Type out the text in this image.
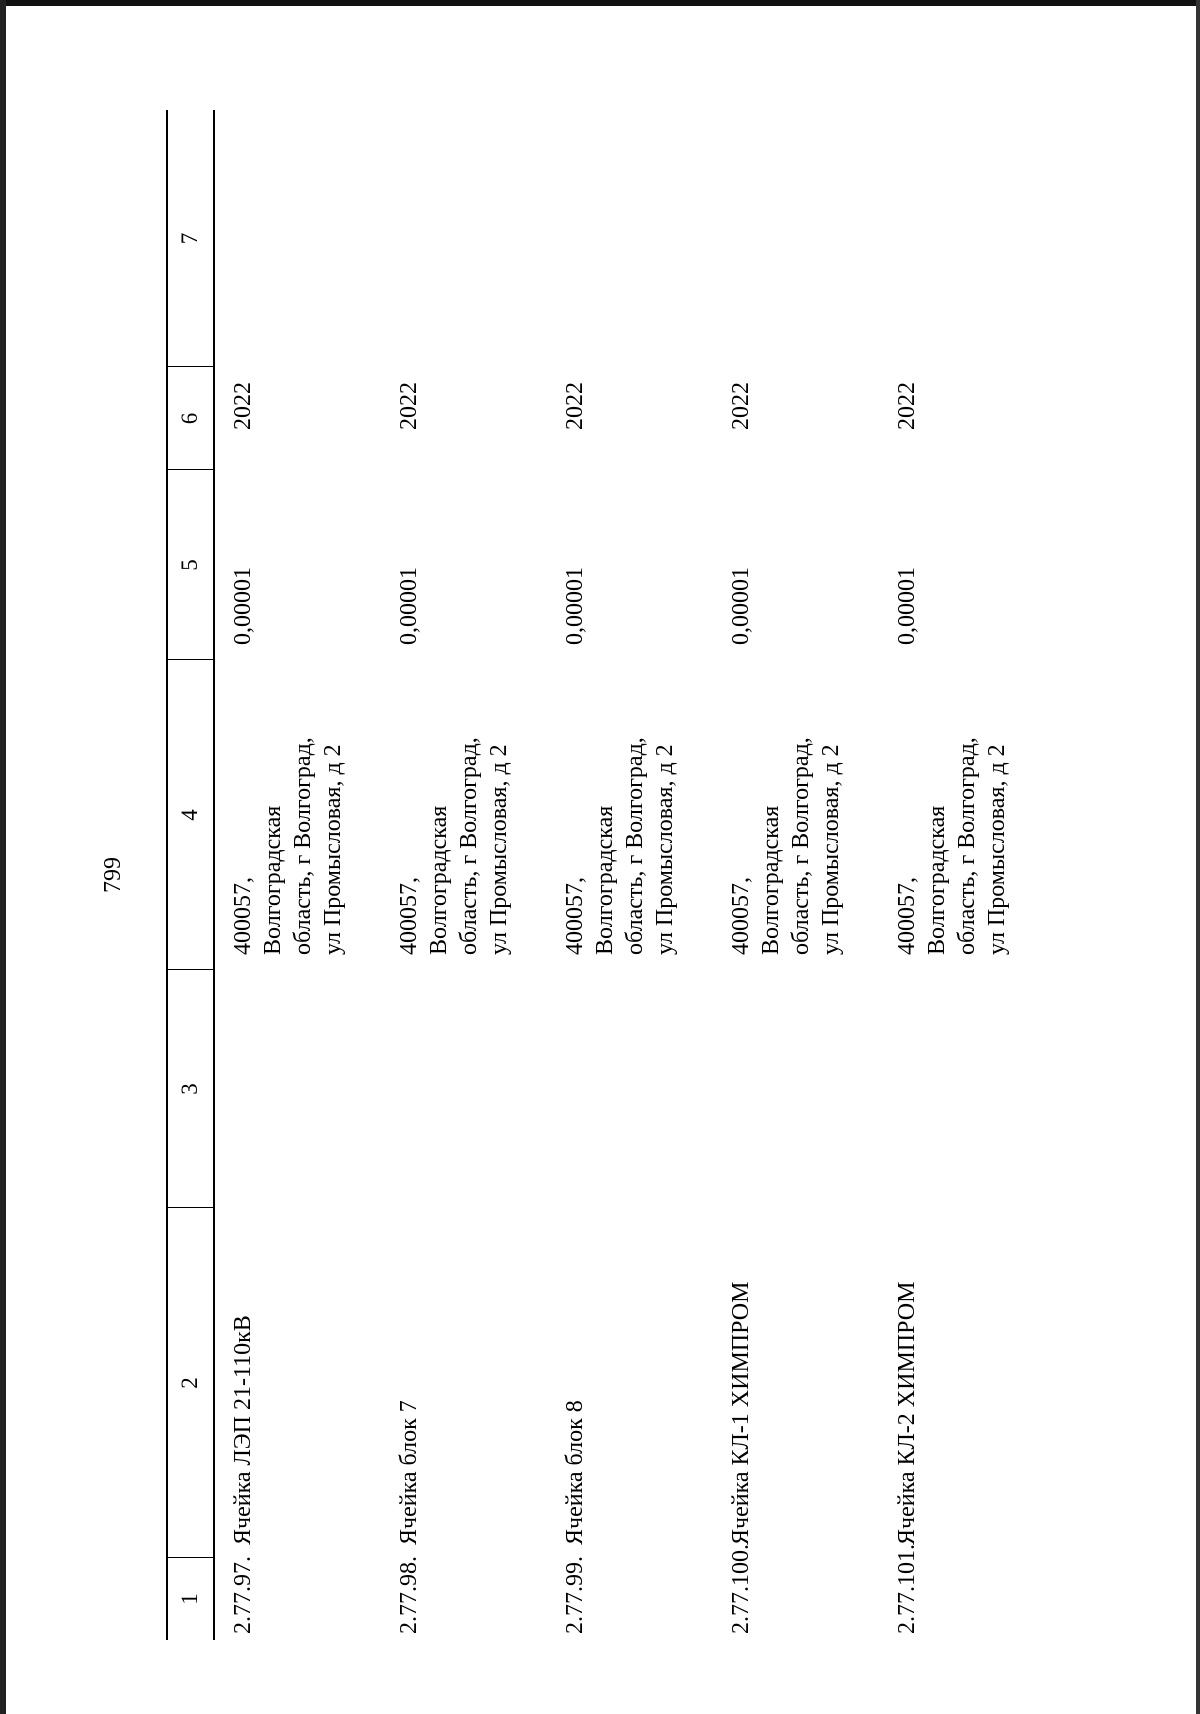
799
1
2
3
4
5
6
7
2.77.97.
Ячейка ЛЭП 21-110кВ
400057, Волгоградская область, г Волгоград, ул Промысловая, д 2
0,00001
2022
2.77.98.
Ячейка блок 7
400057, Волгоградская область, г Волгоград, ул Промысловая, д 2
0,00001
2022
2.77.99.
Ячейка блок 8
400057, Волгоградская область, г Волгоград, ул Промысловая, д 2
0,00001
2022
2.77.100.
Ячейка КЛ-1 ХИМПРОМ
400057, Волгоградская область, г Волгоград, ул Промысловая, д 2
0,00001
2022
2.77.101.
Ячейка КЛ-2 ХИМПРОМ
400057, Волгоградская область, г Волгоград, ул Промысловая, д 2
0,00001
2022
